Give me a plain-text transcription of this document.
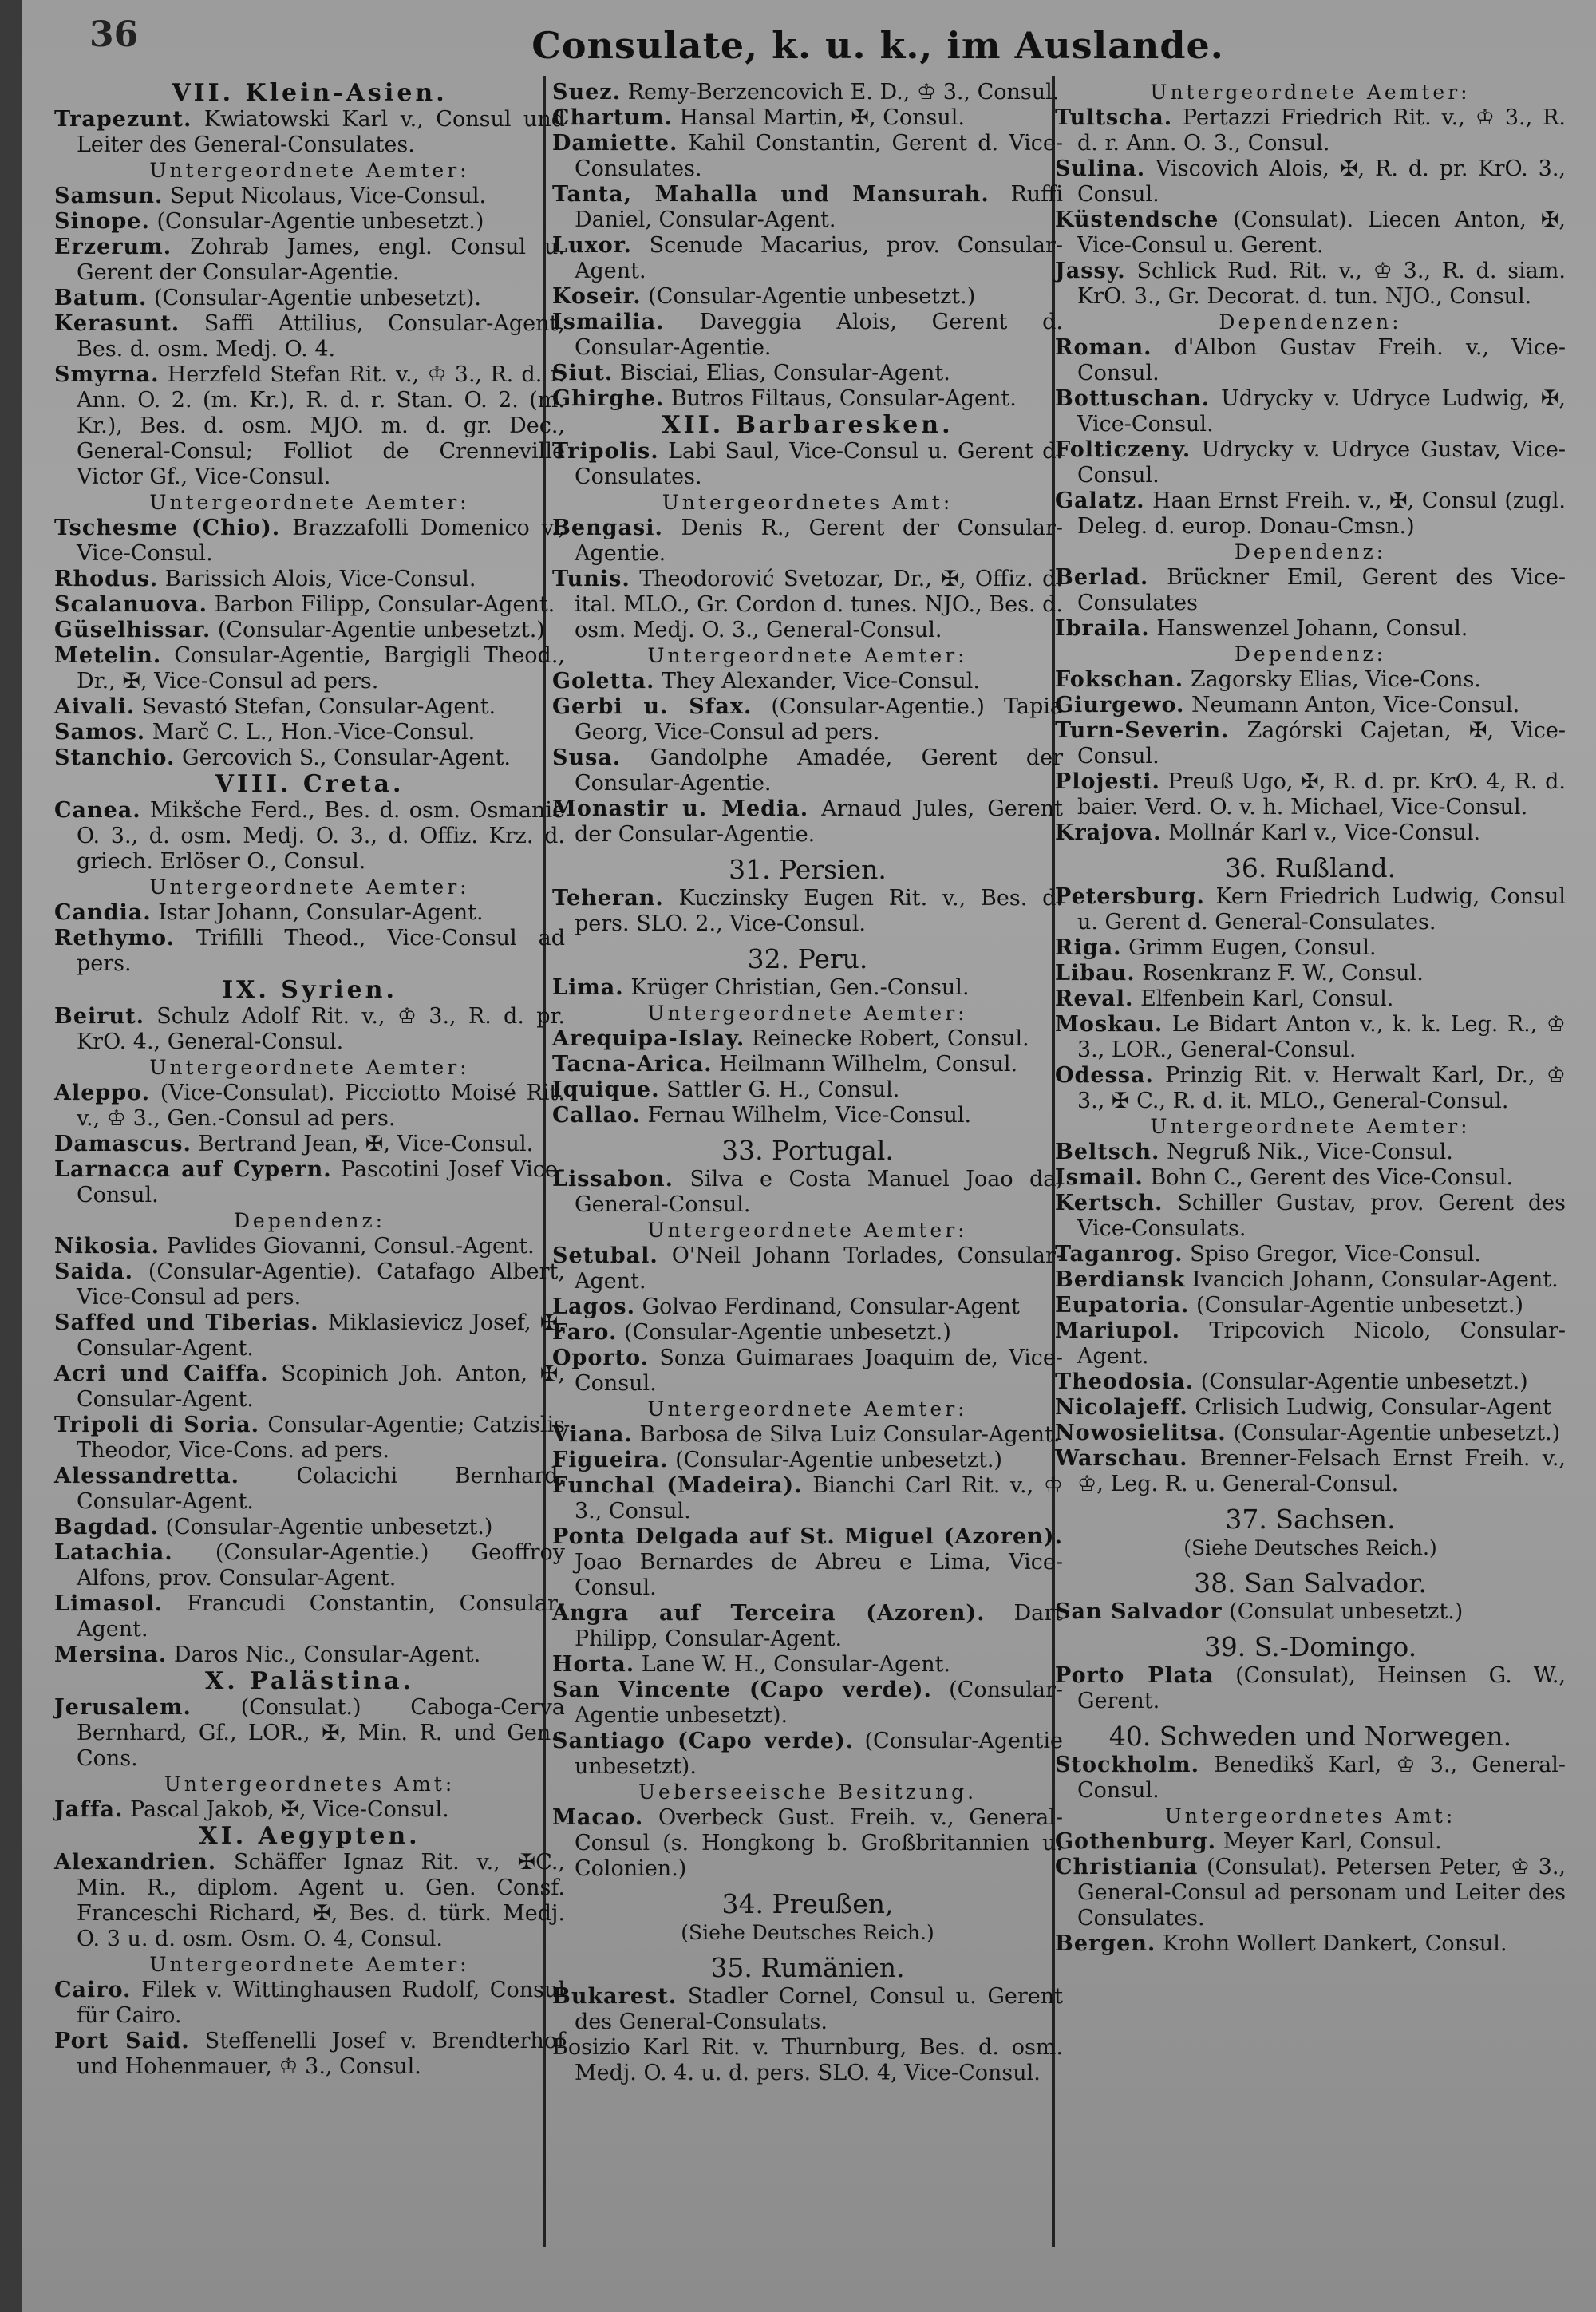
36	Consulate, k. u. k., im Auslande.
VII. Klein-Asien.
Trapezunt. Kwiatowski Karl v., Consul und Leiter des General-Consulates.
Untergeordnete Aemter:
Samsun. Seput Nicolaus, Vice-Consul.
Sinope. (Consular-Agentie unbesetzt.)
Erzerum. Zohrab James, engl. Consul u. Gerent der Consular-Agentie.
Batum. (Consular-Agentie unbesetzt).
Kerasunt. Saffi Attilius, Consular-Agent, Bes. d. osm. Medj. O. 4.
Smyrna. Herzfeld Stefan Rit. v., ♔ 3., R. d. r. Ann. O. 2. (m. Kr.), R. d. r. Stan. O. 2. (m. Kr.), Bes. d. osm. MJO. m. d. gr. Dec., General-Consul; Folliot de Crenneville Victor Gf., Vice-Consul.
Untergeordnete Aemter:
Tschesme (Chio). Brazzafolli Domenico v., Vice-Consul.
Rhodus. Barissich Alois, Vice-Consul.
Scalanuova. Barbon Filipp, Consular-Agent.
Güselhissar. (Consular-Agentie unbesetzt.)
Metelin. Consular-Agentie, Bargigli Theod., Dr., ✠, Vice-Consul ad pers.
Aivali. Sevastó Stefan, Consular-Agent.
Samos. Marč C. L., Hon.-Vice-Consul.
Stanchio. Gercovich S., Consular-Agent.
VIII. Creta.
Canea. Mikšche Ferd., Bes. d. osm. Osmanié O. 3., d. osm. Medj. O. 3., d. Offiz. Krz. d. griech. Erlöser O., Consul.
Untergeordnete Aemter:
Candia. Istar Johann, Consular-Agent.
Rethymo. Trifilli Theod., Vice-Consul ad pers.
IX. Syrien.
Beirut. Schulz Adolf Rit. v., ♔ 3., R. d. pr. KrO. 4., General-Consul.
Untergeordnete Aemter:
Aleppo. (Vice-Consulat). Picciotto Moisé Rit. v., ♔ 3., Gen.-Consul ad pers.
Damascus. Bertrand Jean, ✠, Vice-Consul.
Larnacca auf Cypern. Pascotini Josef Vice-Consul.
Dependenz:
Nikosia. Pavlides Giovanni, Consul.-Agent.
Saida. (Consular-Agentie). Catafago Albert, Vice-Consul ad pers.
Saffed und Tiberias. Miklasievicz Josef, ✠, Consular-Agent.
Acri und Caiffa. Scopinich Joh. Anton, ✠, Consular-Agent.
Tripoli di Soria. Consular-Agentie; Catzislis Theodor, Vice-Cons. ad pers.
Alessandretta.	Colacichi Bernhard, Consular-Agent.
Bagdad. (Consular-Agentie unbesetzt.)
Latachia. (Consular-Agentie.) Geoffroy Alfons, prov. Consular-Agent.
Limasol. Francudi Constantin, Consular-Agent.
Mersina. Daros Nic., Consular-Agent.
X. Palästina.
Jerusalem. (Consulat.) Caboga-Cerva Bernhard, Gf., LOR., ✠, Min. R. und Gen.-Cons.
Untergeordnetes Amt:
Jaffa. Pascal Jakob, ✠, Vice-Consul.
XI. Aegypten.
Alexandrien. Schäffer Ignaz Rit. v., ✠C., Min. R., diplom. Agent u. Gen. Consf. Franceschi Richard, ✠, Bes. d. türk. Medj. O. 3 u. d. osm. Osm. O. 4, Consul.
Untergeordnete Aemter:
Cairo. Filek v. Wittinghausen Rudolf, Consul für Cairo.
Port Said. Steffenelli Josef v. Brendterhof und Hohenmauer, ♔ 3., Consul.
Suez. Remy-Berzencovich E. D., ♔ 3., Consul.
Chartum. Hansal Martin, ✠, Consul.
Damiette. Kahil Constantin, Gerent d. Vice-Consulates.
Tanta, Mahalla und Mansurah. Ruffi Daniel, Consular-Agent.
Luxor. Scenude Macarius, prov. Consular-Agent.
Koseir. (Consular-Agentie unbesetzt.)
Ismailia. Daveggia Alois, Gerent d. Consular-Agentie.
Siut. Bisciai, Elias, Consular-Agent.
Ghirghe. Butros Filtaus, Consular-Agent.
XII. Barbaresken.
Tripolis. Labi Saul, Vice-Consul u. Gerent d. Consulates.
Untergeordnetes Amt:
Bengasi. Denis R., Gerent der Consular-Agentie.
Tunis. Theodorović Svetozar, Dr., ✠, Offiz. d. ital. MLO., Gr. Cordon d. tunes. NJO., Bes. d. osm. Medj. O. 3., General-Consul.
Untergeordnete Aemter:
Goletta. They Alexander, Vice-Consul.
Gerbi u. Sfax. (Consular-Agentie.) Tapia Georg, Vice-Consul ad pers.
Susa. Gandolphe Amadée, Gerent der Consular-Agentie.
Monastir u. Media. Arnaud Jules, Gerent der Consular-Agentie.
31. Persien.
Teheran. Kuczinsky Eugen Rit. v., Bes. d. pers. SLO. 2., Vice-Consul.
32. Peru.
Lima. Krüger Christian, Gen.-Consul.
Untergeordnete Aemter:
Arequipa-Islay. Reinecke Robert, Consul.
Tacna-Arica. Heilmann Wilhelm, Consul.
Iquique. Sattler G. H., Consul.
Callao. Fernau Wilhelm, Vice-Consul.
33. Portugal.
Lissabon. Silva e Costa Manuel Joao da, General-Consul.
Untergeordnete Aemter:
Setubal. O'Neil Johann Torlades, Consular-Agent.
Lagos. Golvao Ferdinand, Consular-Agent
Faro. (Consular-Agentie unbesetzt.)
Oporto. Sonza Guimaraes Joaquim de, Vice-Consul.
Untergeordnete Aemter:
Viana. Barbosa de Silva Luiz Consular-Agent.
Figueira. (Consular-Agentie unbesetzt.)
Funchal (Madeira). Bianchi Carl Rit. v., ♔ 3., Consul.
Ponta Delgada auf St. Miguel (Azoren). Joao Bernardes de Abreu e Lima, Vice-Consul.
Angra auf Terceira (Azoren). Dart Philipp, Consular-Agent.
Horta. Lane W. H., Consular-Agent.
San Vincente (Capo verde). (Consular-Agentie unbesetzt).
Santiago (Capo verde). (Consular-Agentie unbesetzt).
Ueberseeische Besitzung.
Macao. Overbeck Gust. Freih. v., General-Consul (s. Hongkong b. Großbritannien u. Colonien.)
34. Preußen,
(Siehe Deutsches Reich.)
35. Rumänien.
Bukarest. Stadler Cornel, Consul u. Gerent des General-Consulats.
Bosizio Karl Rit. v. Thurnburg, Bes. d. osm. Medj. O. 4. u. d. pers. SLO. 4, Vice-Consul.
Untergeordnete Aemter:
Tultscha. Pertazzi Friedrich Rit. v., ♔ 3., R. d. r. Ann. O. 3., Consul.
Sulina. Viscovich Alois, ✠, R. d. pr. KrO. 3., Consul.
Küstendsche (Consulat). Liecen Anton, ✠, Vice-Consul u. Gerent.
Jassy. Schlick Rud. Rit. v., ♔ 3., R. d. siam. KrO. 3., Gr. Decorat. d. tun. NJO., Consul.
Dependenzen:
Roman. d'Albon Gustav Freih. v., Vice-Consul.
Bottuschan. Udrycky v. Udryce Ludwig, ✠, Vice-Consul.
Folticzeny. Udrycky v. Udryce Gustav, Vice-Consul.
Galatz. Haan Ernst Freih. v., ✠, Consul (zugl. Deleg. d. europ. Donau-Cmsn.)
Dependenz:
Berlad. Brückner Emil, Gerent des Vice-Consulates
Ibraila. Hanswenzel Johann, Consul.
Dependenz:
Fokschan. Zagorsky Elias, Vice-Cons.
Giurgewo. Neumann Anton, Vice-Consul.
Turn-Severin. Zagórski Cajetan, ✠, Vice-Consul.
Plojesti. Preuß Ugo, ✠, R. d. pr. KrO. 4, R. d. baier. Verd. O. v. h. Michael, Vice-Consul.
Krajova. Mollnár Karl v., Vice-Consul.
36. Rußland.
Petersburg. Kern Friedrich Ludwig, Consul u. Gerent d. General-Consulates.
Riga. Grimm Eugen, Consul.
Libau. Rosenkranz F. W., Consul.
Reval. Elfenbein Karl, Consul.
Moskau. Le Bidart Anton v., k. k. Leg. R., ♔ 3., LOR., General-Consul.
Odessa. Prinzig Rit. v. Herwalt Karl, Dr., ♔ 3., ✠ C., R. d. it. MLO., General-Consul.
Untergeordnete Aemter:
Beltsch. Negruß Nik., Vice-Consul.
Ismail. Bohn C., Gerent des Vice-Consul.
Kertsch. Schiller Gustav, prov. Gerent des Vice-Consulats.
Taganrog. Spiso Gregor, Vice-Consul.
Berdiansk Ivancich Johann, Consular-Agent.
Eupatoria. (Consular-Agentie unbesetzt.)
Mariupol. Tripcovich Nicolo, Consular-Agent.
Theodosia. (Consular-Agentie unbesetzt.)
Nicolajeff. Crlisich Ludwig, Consular-Agent
Nowosielitsa. (Consular-Agentie unbesetzt.)
Warschau. Brenner-Felsach Ernst Freih. v., ♔, Leg. R. u. General-Consul.
37. Sachsen.
(Siehe Deutsches Reich.)
38. San Salvador.
San Salvador (Consulat unbesetzt.)
39. S.-Domingo.
Porto Plata (Consulat), Heinsen G. W., Gerent.
40. Schweden und Norwegen.
Stockholm. Benedikš Karl, ♔ 3., General-Consul.
Untergeordnetes Amt:
Gothenburg. Meyer Karl, Consul.
Christiania (Consulat). Petersen Peter, ♔ 3., General-Consul ad personam und Leiter des Consulates.
Bergen. Krohn Wollert Dankert, Consul.
